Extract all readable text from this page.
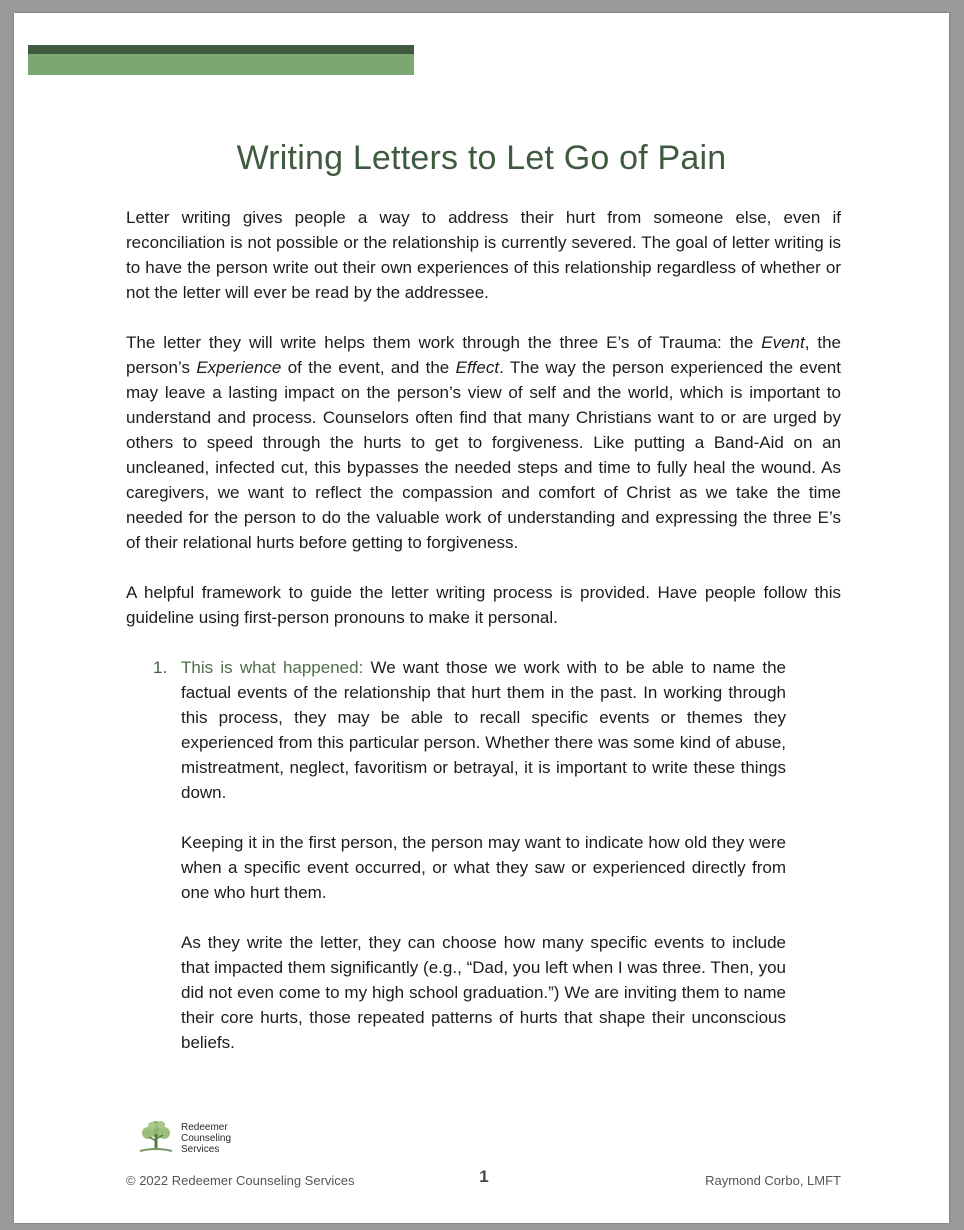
Writing Letters to Let Go of Pain

Letter writing gives people a way to address their hurt from someone else, even if reconciliation is not possible or the relationship is currently severed. The goal of letter writing is to have the person write out their own experiences of this relationship regardless of whether or not the letter will ever be read by the addressee.

The letter they will write helps them work through the three E’s of Trauma: the Event, the person’s Experience of the event, and the Effect. The way the person experienced the event may leave a lasting impact on the person’s view of self and the world, which is important to understand and process. Counselors often find that many Christians want to or are urged by others to speed through the hurts to get to forgiveness. Like putting a Band-Aid on an uncleaned, infected cut, this bypasses the needed steps and time to fully heal the wound. As caregivers, we want to reflect the compassion and comfort of Christ as we take the time needed for the person to do the valuable work of understanding and expressing the three E’s of their relational hurts before getting to forgiveness.

A helpful framework to guide the letter writing process is provided. Have people follow this guideline using first-person pronouns to make it personal.

1. This is what happened: We want those we work with to be able to name the factual events of the relationship that hurt them in the past. In working through this process, they may be able to recall specific events or themes they experienced from this particular person. Whether there was some kind of abuse, mistreatment, neglect, favoritism or betrayal, it is important to write these things down.

Keeping it in the first person, the person may want to indicate how old they were when a specific event occurred, or what they saw or experienced directly from one who hurt them.

As they write the letter, they can choose how many specific events to include that impacted them significantly (e.g., “Dad, you left when I was three. Then, you did not even come to my high school graduation.”) We are inviting them to name their core hurts, those repeated patterns of hurts that shape their unconscious beliefs.

Redeemer
Counseling
Services
© 2022 Redeemer Counseling Services	1	Raymond Corbo, LMFT
